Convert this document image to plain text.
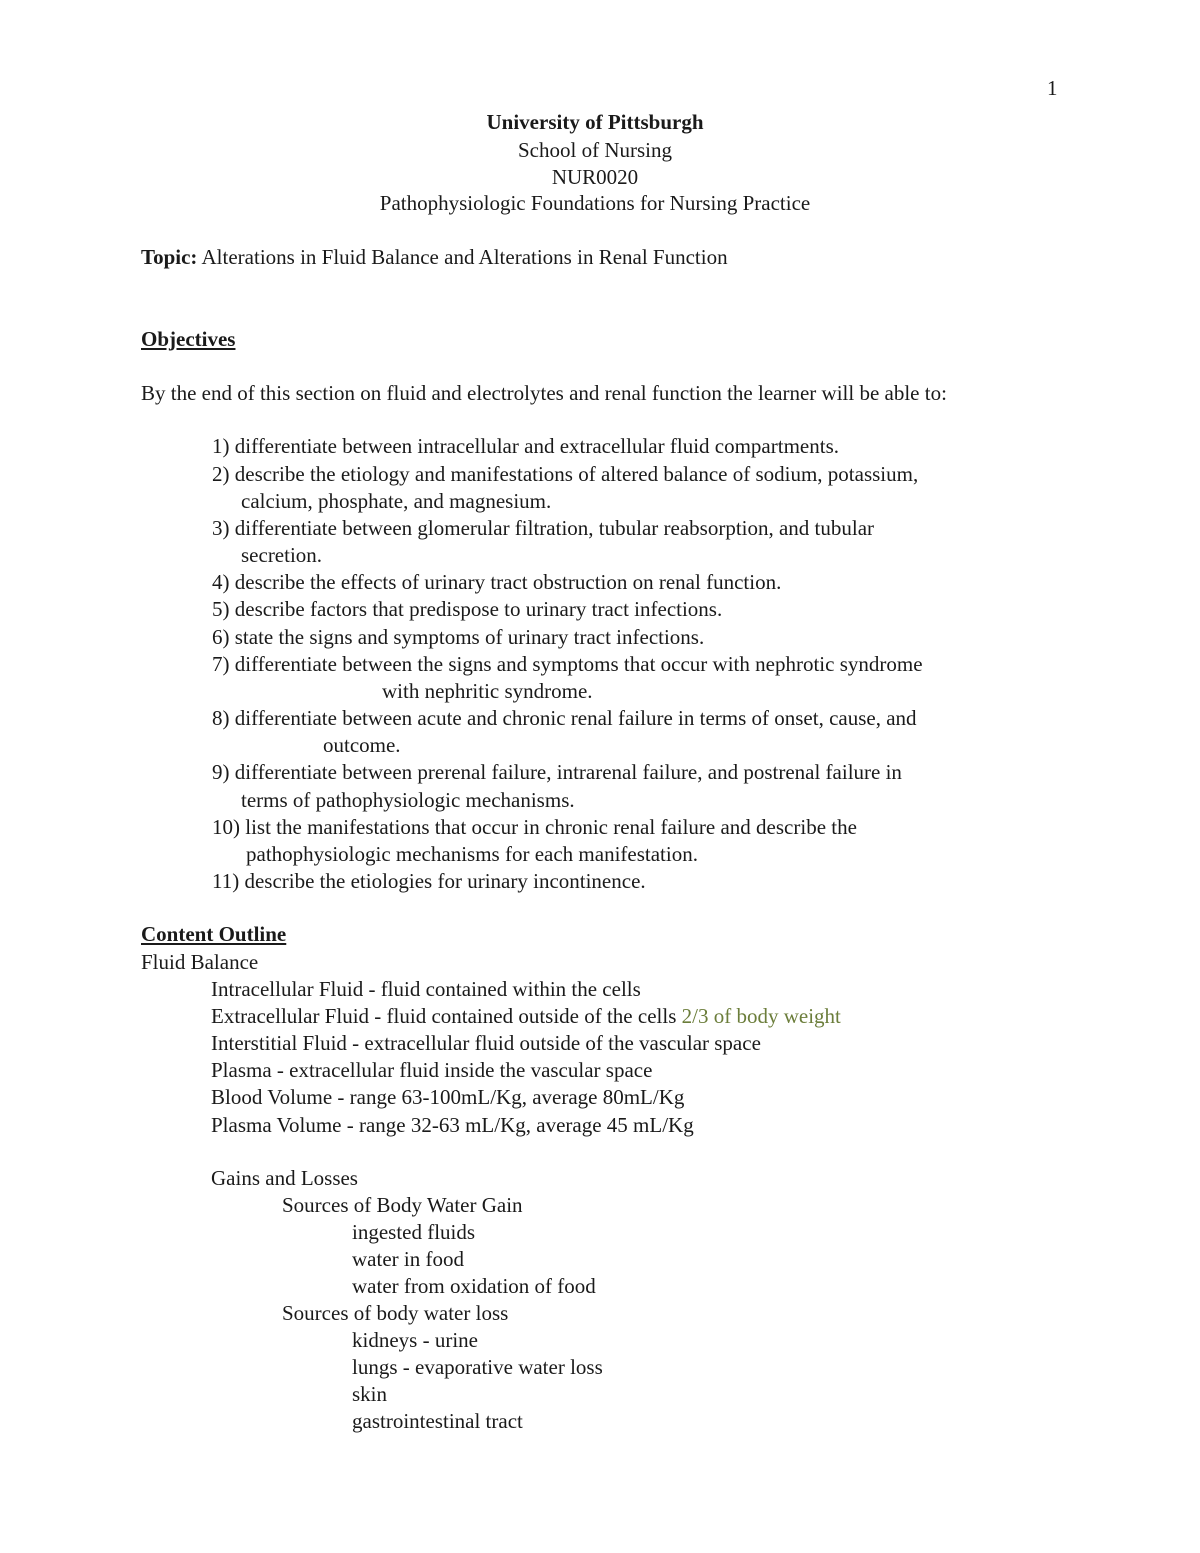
1
University of Pittsburgh
School of Nursing
NUR0020
Pathophysiologic Foundations for Nursing Practice
Topic: Alterations in Fluid Balance and Alterations in Renal Function
Objectives
By the end of this section on fluid and electrolytes and renal function the learner will be able to:
1) differentiate between intracellular and extracellular fluid compartments.
2) describe the etiology and manifestations of altered balance of sodium, potassium,
calcium, phosphate, and magnesium.
3) differentiate between glomerular filtration, tubular reabsorption, and tubular
secretion.
4) describe the effects of urinary tract obstruction on renal function.
5) describe factors that predispose to urinary tract infections.
6) state the signs and symptoms of urinary tract infections.
7) differentiate between the signs and symptoms that occur with nephrotic syndrome
with nephritic syndrome.
8) differentiate between acute and chronic renal failure in terms of onset, cause, and
outcome.
9) differentiate between prerenal failure, intrarenal failure, and postrenal failure in
terms of pathophysiologic mechanisms.
10) list the manifestations that occur in chronic renal failure and describe the
pathophysiologic mechanisms for each manifestation.
11) describe the etiologies for urinary incontinence.
Content Outline
Fluid Balance
Intracellular Fluid - fluid contained within the cells
Extracellular Fluid - fluid contained outside of the cells 2/3 of body weight
Interstitial Fluid - extracellular fluid outside of the vascular space
Plasma - extracellular fluid inside the vascular space
Blood Volume - range 63-100mL/Kg, average 80mL/Kg
Plasma Volume - range 32-63 mL/Kg, average 45 mL/Kg
Gains and Losses
Sources of Body Water Gain
ingested fluids
water in food
water from oxidation of food
Sources of body water loss
kidneys - urine
lungs - evaporative water loss
skin
gastrointestinal tract
